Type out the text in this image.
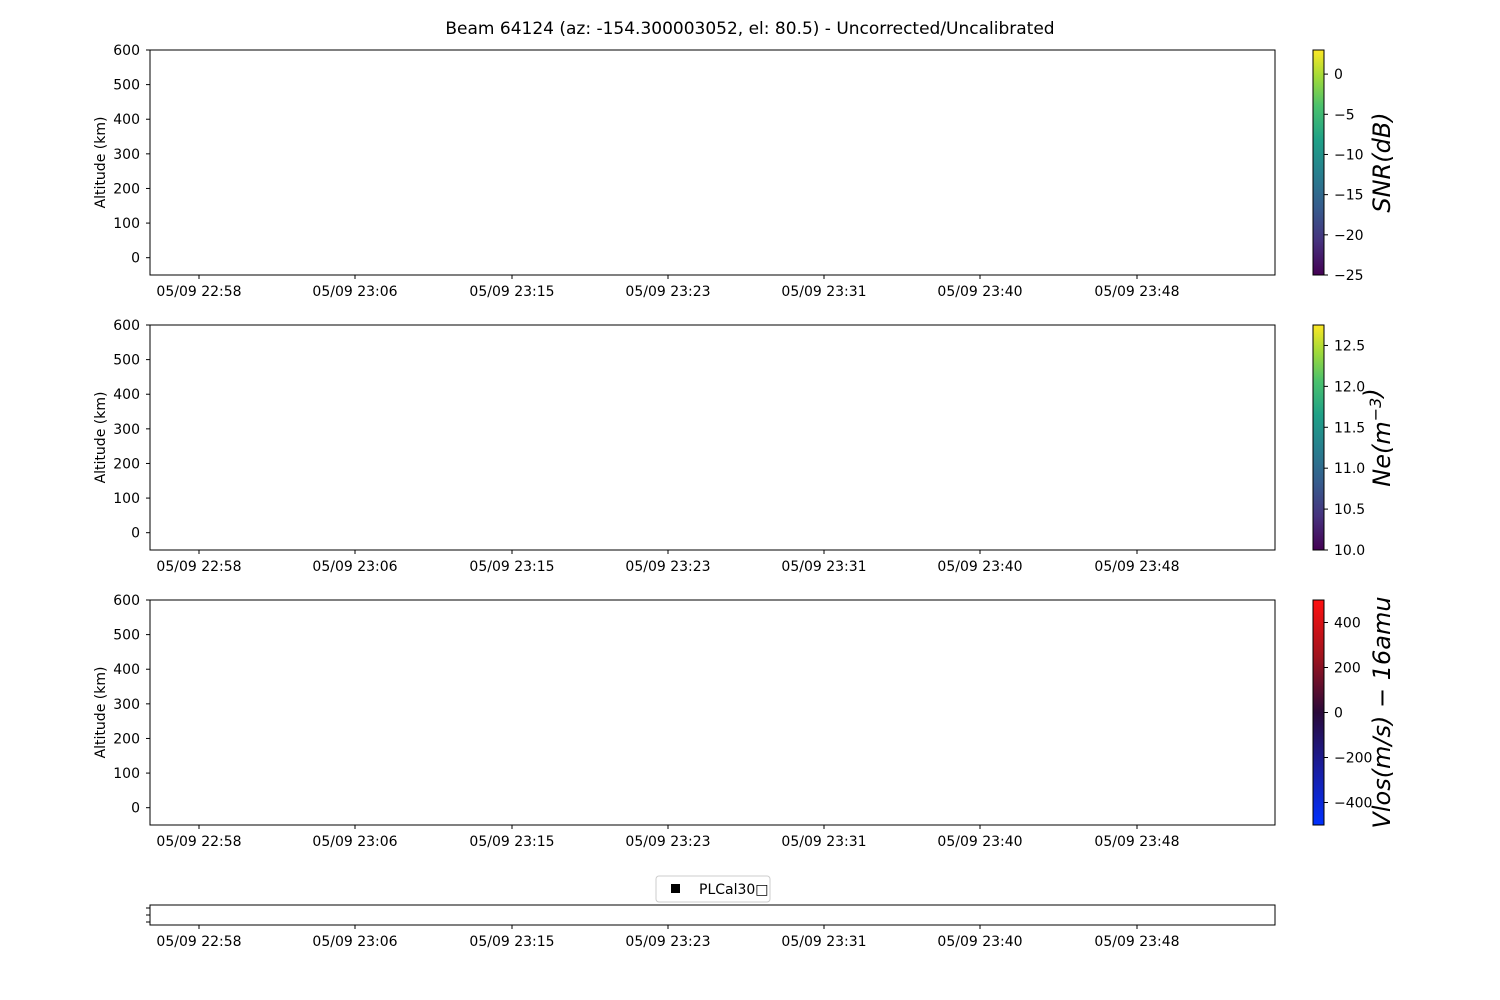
Beam 64124 (az: -154.300003052, el: 80.5) - Uncorrected/Uncalibrated
0
100
200
300
400
500
600
Altitude (km)
05/09 22:58	05/09 23:06	05/09 23:15	05/09 23:23	05/09 23:31	05/09 23:40	05/09 23:48
0
−5
−10
−15
−20
−25
SNR(dB)
0
100
200
300
400
500
600
Altitude (km)
05/09 22:58	05/09 23:06	05/09 23:15	05/09 23:23	05/09 23:31	05/09 23:40	05/09 23:48
12.5
12.0
11.5
11.0
10.5
10.0
$Ne(m^{-3})$
0
100
200
300
400
500
600
Altitude (km)
05/09 22:58	05/09 23:06	05/09 23:15	05/09 23:23	05/09 23:31	05/09 23:40	05/09 23:48
400
200
0
−200
−400
Vlos(m/s) − 16amu
05/09 22:58	05/09 23:06	05/09 23:15	05/09 23:23	05/09 23:31	05/09 23:40	05/09 23:48
PLCal30□
